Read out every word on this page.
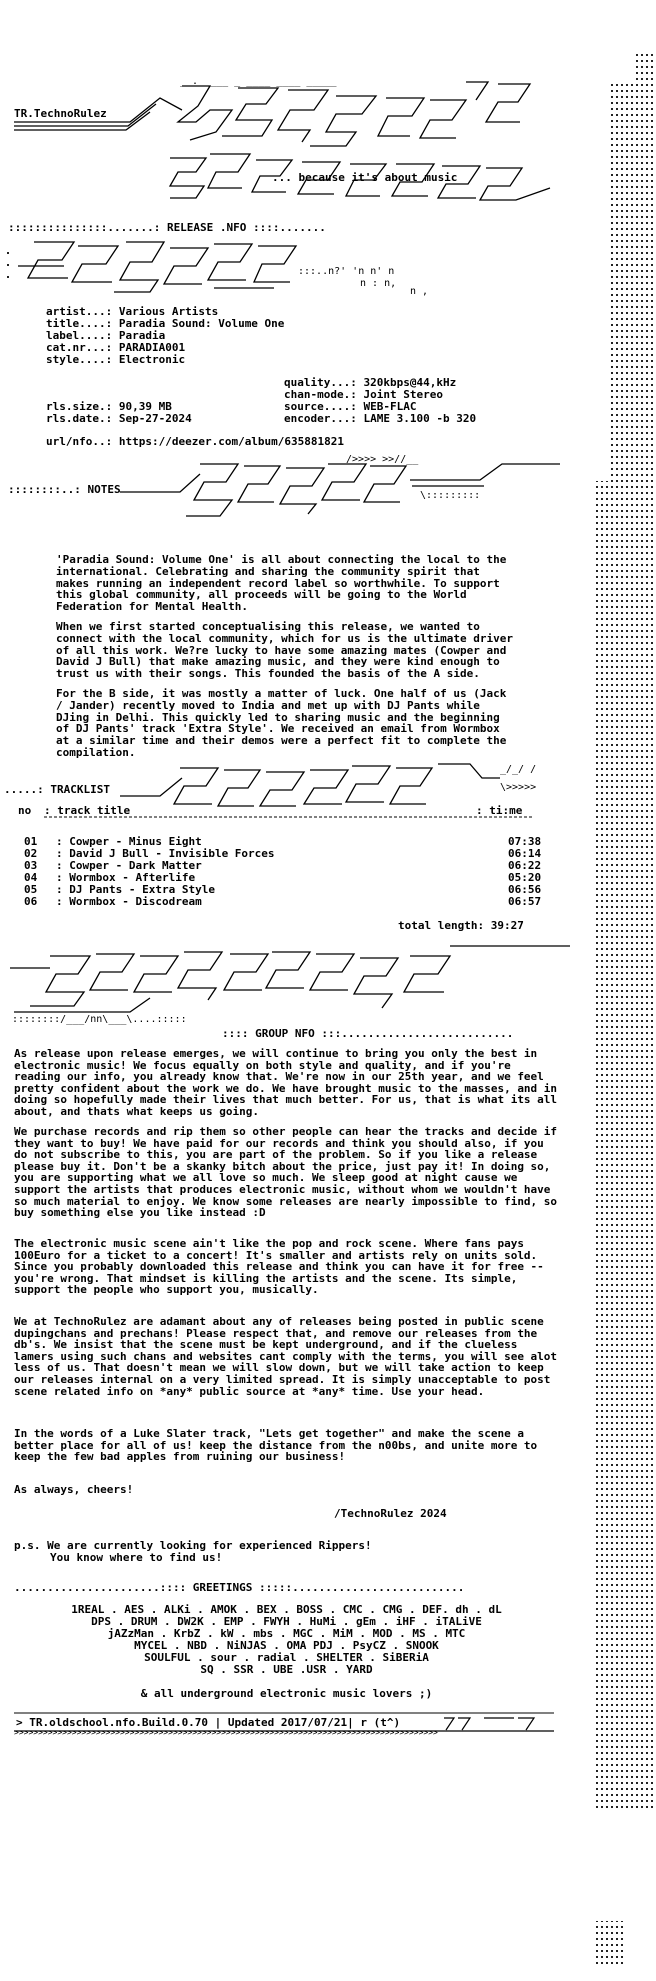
TR.TechnoRulez
_ . ____ _ ____ ____ _____
... because it's about music
:::::::::::::::.......: RELEASE .NFO ::::.......
:::..n?' 'n n' n
n : n,
n ,
artist...: Various Artists
title....: Paradia Sound: Volume One
label....: Paradia
cat.nr...: PARADIA001
style....: Electronic
quality...: 320kbps@44,kHz
chan-mode.: Joint Stereo
source....: WEB-FLAC
encoder...: LAME 3.100 -b 320
rls.size.: 90,39 MB
rls.date.: Sep-27-2024
url/nfo..: https://deezer.com/album/635881821
::::::::..: NOTES
_/>>>> >>//__
\:::::::::
'Paradia Sound: Volume One' is all about connecting the local to the international. Celebrating and sharing the community spirit that makes running an independent record label so worthwhile. To support this global community, all proceeds will be going to the World Federation for Mental Health.
When we first started conceptualising this release, we wanted to connect with the local community, which for us is the ultimate driver of all this work. We?re lucky to have some amazing mates (Cowper and David J Bull) that make amazing music, and they were kind enough to trust us with their songs. This founded the basis of the A side.
For the B side, it was mostly a matter of luck. One half of us (Jack / Jander) recently moved to India and met up with DJ Pants while DJing in Delhi. This quickly led to sharing music and the beginning of DJ Pants' track 'Extra Style'. We received an email from Wormbox at a similar time and their demos were a perfect fit to complete the compilation.
_/_/ /
\>>>>>
.....: TRACKLIST
no : track title	: ti:me
01 : Cowper - Minus Eight	07:38
02 : David J Bull - Invisible Forces	06:14
03 : Cowper - Dark Matter	06:22
04 : Wormbox - Afterlife	05:20
05 : DJ Pants - Extra Style	06:56
06 : Wormbox - Discodream	06:57
total length: 39:27
::::::::/___/nn\___\....:::::
:::: GROUP NFO :::..........................
As release upon release emerges, we will continue to bring you only the best in electronic music! We focus equally on both style and quality, and if you're reading our info, you already know that. We're now in our 25th year, and we feel pretty confident about the work we do. We have brought music to the masses, and in doing so hopefully made their lives that much better. For us, that is what its all about, and thats what keeps us going.
We purchase records and rip them so other people can hear the tracks and decide if they want to buy! We have paid for our records and think you should also, if you do not subscribe to this, you are part of the problem. So if you like a release please buy it. Don't be a skanky bitch about the price, just pay it! In doing so, you are supporting what we all love so much. We sleep good at night cause we support the artists that produces electronic music, without whom we wouldn't have so much material to enjoy. We know some releases are nearly impossible to find, so buy something else you like instead :D
The electronic music scene ain't like the pop and rock scene. Where fans pays 100Euro for a ticket to a concert! It's smaller and artists rely on units sold. Since you probably downloaded this release and think you can have it for free -- you're wrong. That mindset is killing the artists and the scene. Its simple, support the people who support you, musically.
We at TechnoRulez are adamant about any of releases being posted in public scene dupingchans and prechans! Please respect that, and remove our releases from the db's. We insist that the scene must be kept underground, and if the clueless lamers using such chans and websites cant comply with the terms, you will see alot less of us. That doesn't mean we will slow down, but we will take action to keep our releases internal on a very limited spread. It is simply unacceptable to post scene related info on *any* public source at *any* time. Use your head.
In the words of a Luke Slater track, "Lets get together" and make the scene a better place for all of us! keep the distance from the n00bs, and unite more to keep the few bad apples from ruining our business!
As always, cheers!
/TechnoRulez 2024
p.s. We are currently looking for experienced Rippers!
You know where to find us!
......................:::: GREETINGS :::::..........................
1REAL . AES . ALKi . AMOK . BEX . BOSS . CMC . CMG . DEF. dh . dL
DPS . DRUM . DW2K . EMP . FWYH . HuMi . gEm . iHF . iTALiVE
jAZzMan . KrbZ . kW . mbs . MGC . MiM . MOD . MS . MTC
MYCEL . NBD . NiNJAS . OMA PDJ . PsyCZ . SNOOK
SOULFUL . sour . radial . SHELTER . SiBERiA
SQ . SSR . UBE .USR . YARD
& all underground electronic music lovers ;)
> TR.oldschool.nfo.Build.0.70 | Updated 2017/07/21| r (t^)
>>>>>>>>>>>>>>>>>>>>>>>>>>>>>>>>>>>>>>>>>>>>>>>>>>>>>>>>>>>>>>>>>>>>>>>>>>>>>>>>>>>>>>>>
